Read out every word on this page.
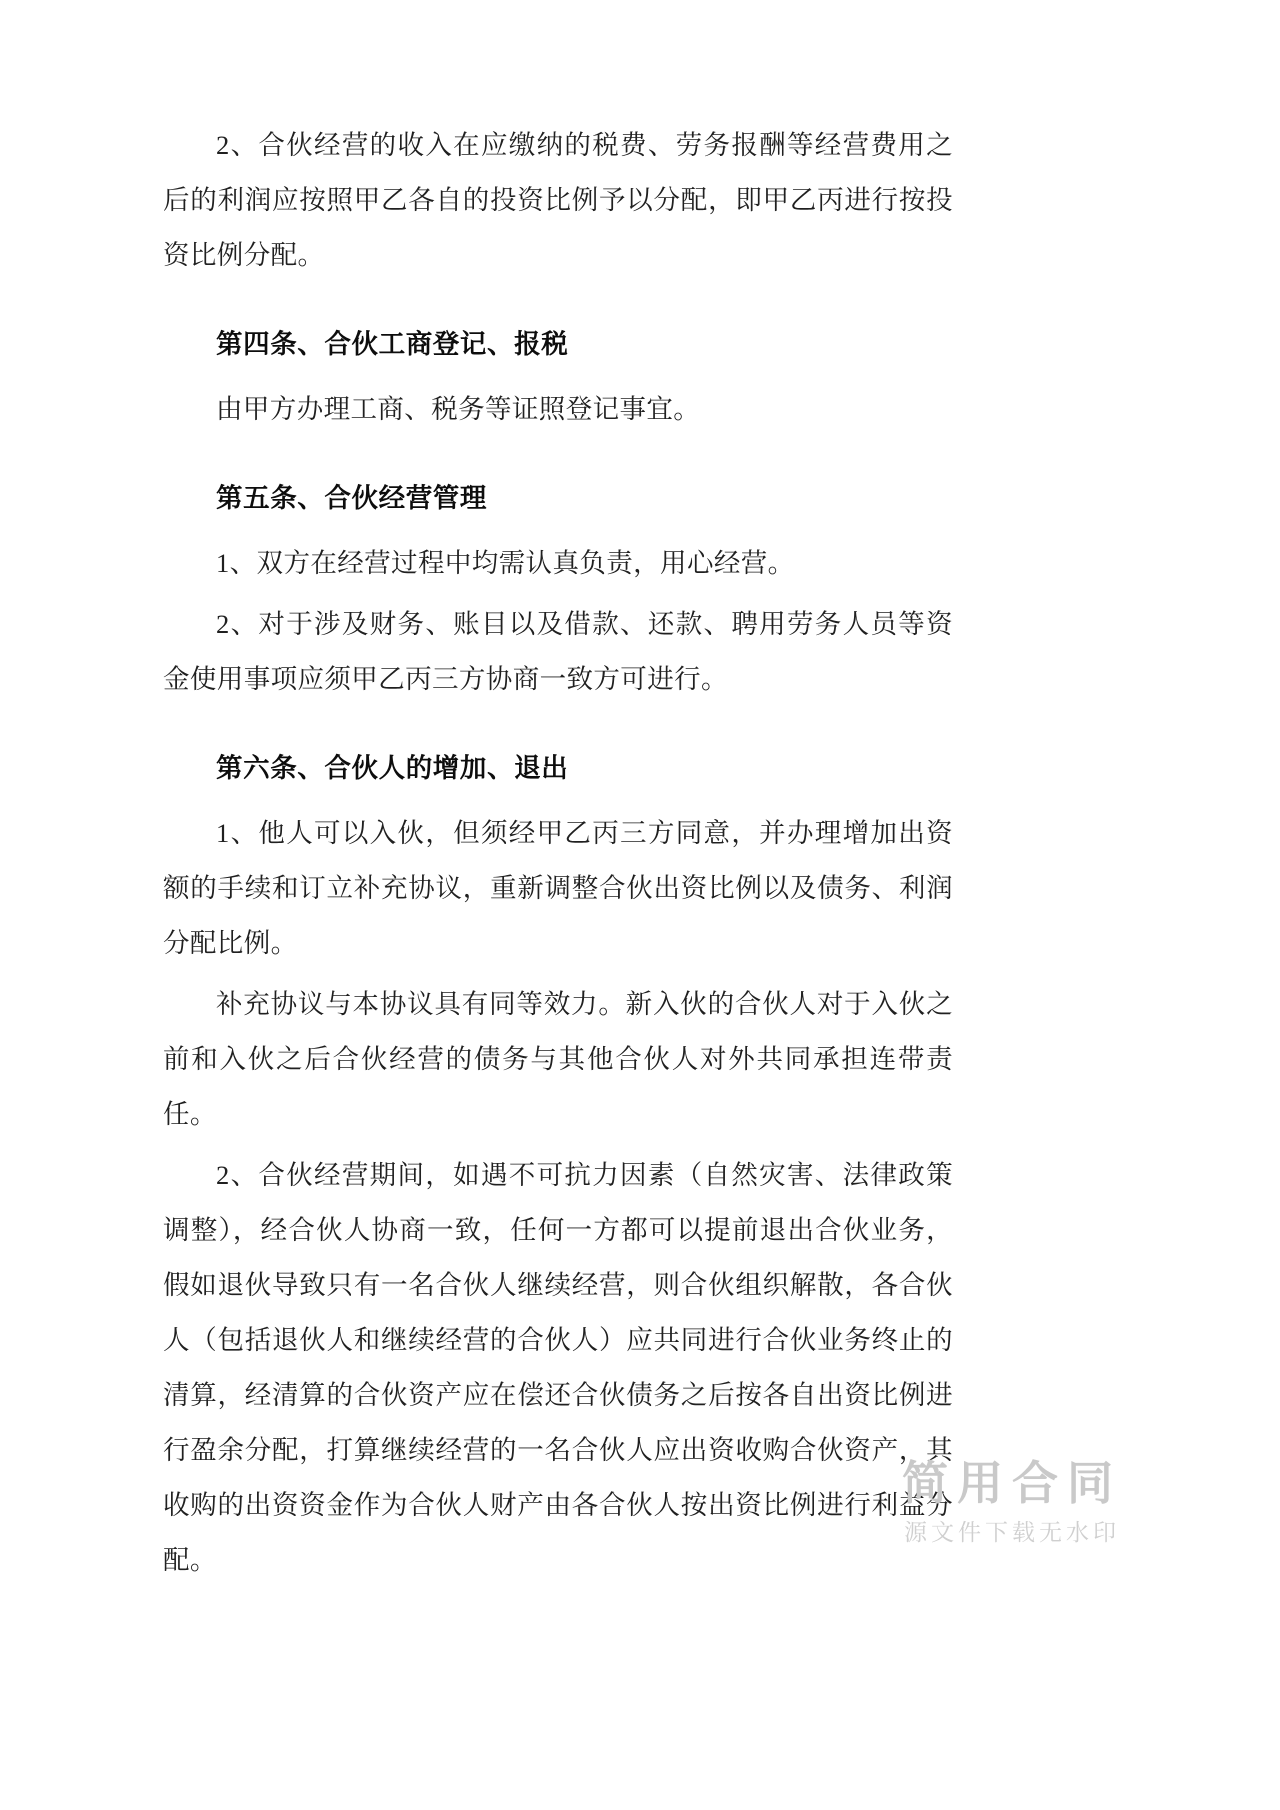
2、合伙经营的收入在应缴纳的税费、劳务报酬等经营费用之后的利润应按照甲乙各自的投资比例予以分配，即甲乙丙进行按投资比例分配。

第四条、合伙工商登记、报税

由甲方办理工商、税务等证照登记事宜。

第五条、合伙经营管理

1、双方在经营过程中均需认真负责，用心经营。

2、对于涉及财务、账目以及借款、还款、聘用劳务人员等资金使用事项应须甲乙丙三方协商一致方可进行。

第六条、合伙人的增加、退出

1、他人可以入伙，但须经甲乙丙三方同意，并办理增加出资额的手续和订立补充协议，重新调整合伙出资比例以及债务、利润分配比例。

补充协议与本协议具有同等效力。新入伙的合伙人对于入伙之前和入伙之后合伙经营的债务与其他合伙人对外共同承担连带责任。

2、合伙经营期间，如遇不可抗力因素（自然灾害、法律政策调整），经合伙人协商一致，任何一方都可以提前退出合伙业务，假如退伙导致只有一名合伙人继续经营，则合伙组织解散，各合伙人（包括退伙人和继续经营的合伙人）应共同进行合伙业务终止的清算，经清算的合伙资产应在偿还合伙债务之后按各自出资比例进行盈余分配，打算继续经营的一名合伙人应出资收购合伙资产，其收购的出资资金作为合伙人财产由各合伙人按出资比例进行利益分配。

简用合同
源文件下载无水印
